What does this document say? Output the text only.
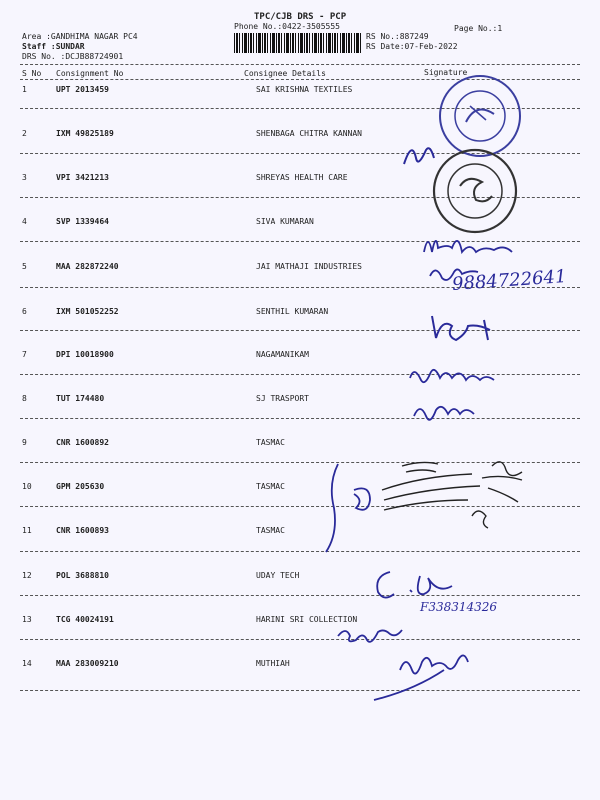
TPC/CJB DRS - PCP
Phone No.:0422-3505555	Page No.:1
Area :GANDHIMA NAGAR PC4
Staff :SUNDAR
DRS No. :DCJB88724901
RS No.:887249
RS Date:07-Feb-2022
S No Consignment No	Consignee Details	Signature
1	UPT 2013459	SAI KRISHNA TEXTILES
2	IXM 49825189	SHENBAGA CHITRA KANNAN
3	VPI 3421213	SHREYAS HEALTH CARE
4	SVP 1339464	SIVA KUMARAN
5	MAA 282872240	JAI MATHAJI INDUSTRIES
6	IXM 501052252	SENTHIL KUMARAN
7	DPI 10018900	NAGAMANIKAM
8	TUT 174480	SJ TRASPORT
9	CNR 1600892	TASMAC
10	GPM 205630	TASMAC
11	CNR 1600893	TASMAC
12	POL 3688810	UDAY TECH
13	TCG 40024191	HARINI SRI COLLECTION
14	MAA 283009210	MUTHIAH
9884722641
F338314326
